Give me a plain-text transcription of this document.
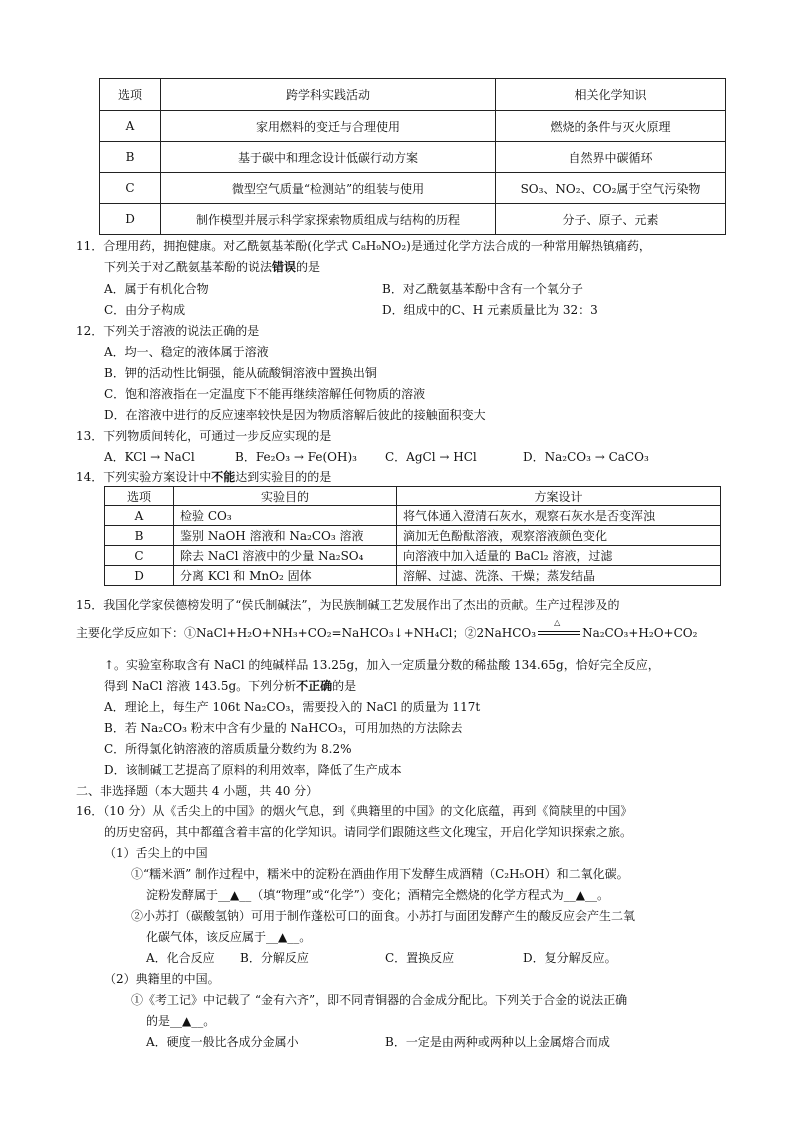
选项	跨学科实践活动	相关化学知识
A	家用燃料的变迁与合理使用	燃烧的条件与灭火原理
B	基于碳中和理念设计低碳行动方案	自然界中碳循环
C	微型空气质量“检测站”的组装与使用	SO₃、NO₂、CO₂属于空气污染物
D	制作模型并展示科学家探索物质组成与结构的历程	分子、原子、元素
11．合理用药，拥抱健康。对乙酰氨基苯酚(化学式 C₈H₉NO₂)是通过化学方法合成的一种常用解热镇痛药，
下列关于对乙酰氨基苯酚的说法错误的是
A．属于有机化合物	B．对乙酰氨基苯酚中含有一个氧分子
C．由分子构成	D．组成中的C、H 元素质量比为 32：3
12．下列关于溶液的说法正确的是
A．均一、稳定的液体属于溶液
B．钾的活动性比铜强，能从硫酸铜溶液中置换出铜
C．饱和溶液指在一定温度下不能再继续溶解任何物质的溶液
D．在溶液中进行的反应速率较快是因为物质溶解后彼此的接触面积变大
13．下列物质间转化，可通过一步反应实现的是
A．KCl → NaCl	B．Fe₂O₃ → Fe(OH)₃ C．AgCl → HCl	D．Na₂CO₃ → CaCO₃
14．下列实验方案设计中不能达到实验目的的是
选项	实验目的	方案设计
A	检验 CO₃	将气体通入澄清石灰水，观察石灰水是否变浑浊
B	鉴别 NaOH 溶液和 Na₂CO₃ 溶液	滴加无色酚酞溶液，观察溶液颜色变化
C	除去 NaCl 溶液中的少量 Na₂SO₄	向溶液中加入适量的 BaCl₂ 溶液，过滤
D	分离 KCl 和 MnO₂ 固体	溶解、过滤、洗涤、干燥；蒸发结晶
15．我国化学家侯德榜发明了“侯氏制碱法”，为民族制碱工艺发展作出了杰出的贡献。生产过程涉及的
主要化学反应如下：①NaCl+H₂O+NH₃+CO₂=NaHCO₃↓+NH₄Cl；②2NaHCO₃
△
Na₂CO₃+H₂O+CO₂
↑。实验室称取含有 NaCl 的纯碱样品 13.25g，加入一定质量分数的稀盐酸 134.65g，恰好完全反应，
得到 NaCl 溶液 143.5g。下列分析不正确的是
A．理论上，每生产 106t Na₂CO₃，需要投入的 NaCl 的质量为 117t
B．若 Na₂CO₃ 粉末中含有少量的 NaHCO₃，可用加热的方法除去
C．所得氯化钠溶液的溶质质量分数约为 8.2%
D．该制碱工艺提高了原料的利用效率，降低了生产成本
二、非选择题（本大题共 4 小题，共 40 分）
16．（10 分）从《舌尖上的中国》的烟火气息，到《典籍里的中国》的文化底蕴，再到《简牍里的中国》
的历史窑码，其中都蕴含着丰富的化学知识。请同学们跟随这些文化瑰宝，开启化学知识探索之旅。
（1）舌尖上的中国
①“糯米酒” 制作过程中，糯米中的淀粉在酒曲作用下发酵生成酒精（C₂H₅OH）和二氧化碳。
淀粉发酵属于__▲__（填“物理”或“化学”）变化；酒精完全燃烧的化学方程式为__▲__。
②小苏打（碳酸氢钠）可用于制作蓬松可口的面食。小苏打与面团发酵产生的酸反应会产生二氧
化碳气体，该反应属于__▲__。
A．化合反应 B．分解反应	C．置换反应	D．复分解反应。
（2）典籍里的中国。
①《考工记》中记载了 “金有六齐”，即不同青铜器的合金成分配比。下列关于合金的说法正确
的是__▲__。
A．硬度一般比各成分金属小	B．一定是由两种或两种以上金属熔合而成
